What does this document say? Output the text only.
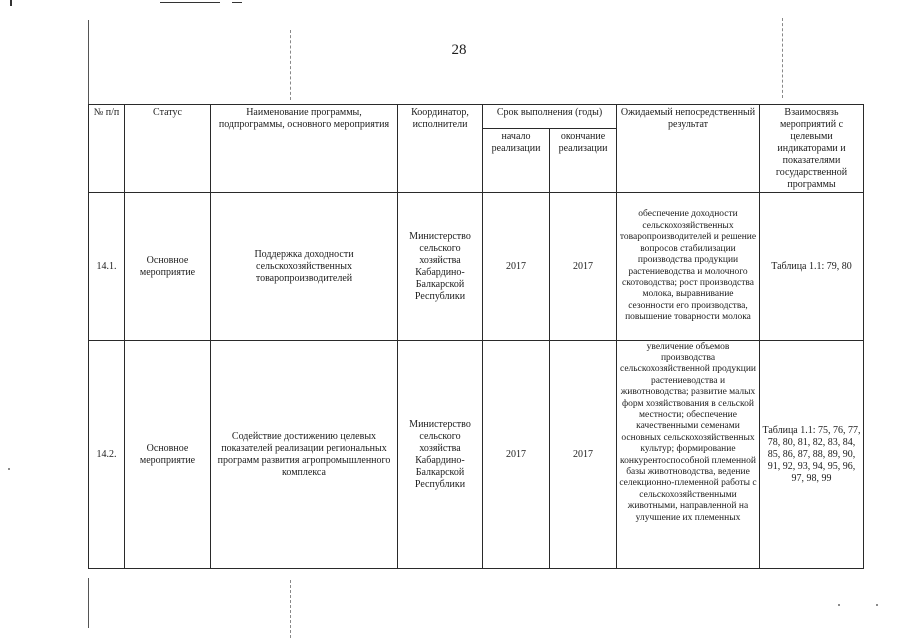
28
№ п/п	Статус	Наименование программы, подпрограммы, основного мероприятия	Координатор, исполнители	Срок выполнения (годы)		Ожидаемый непосредственный результат	Взаимосвязь мероприятий с целевыми индикаторами и показателями государственной программы
				начало реализации	окончание реализации		
14.1.	Основное мероприятие	Поддержка доходности сельскохозяйственных товаропроизводителей	Министерство сельского хозяйства Кабардино-Балкарской Республики	2017	2017	обеспечение доходности сельскохозяйственных товаропроизводителей и решение вопросов стабилизации производства продукции растениеводства и молочного скотоводства; рост производства молока, выравнивание сезонности его производства, повышение товарности молока	Таблица 1.1: 79, 80
14.2.	Основное мероприятие	Содействие достижению целевых показателей реализации региональных программ развития агропромышленного комплекса	Министерство сельского хозяйства Кабардино-Балкарской Республики	2017	2017	увеличение объемов производства сельскохозяйственной продукции растениеводства и животноводства; развитие малых форм хозяйствования в сельской местности; обеспечение качественными семенами основных сельскохозяйственных культур; формирование конкурентоспособной племенной базы животноводства, ведение селекционно-племенной работы с сельскохозяйственными животными, направленной на улучшение их племенных	Таблица 1.1: 75, 76, 77, 78, 80, 81, 82, 83, 84, 85, 86, 87, 88, 89, 90, 91, 92, 93, 94, 95, 96, 97, 98, 99
